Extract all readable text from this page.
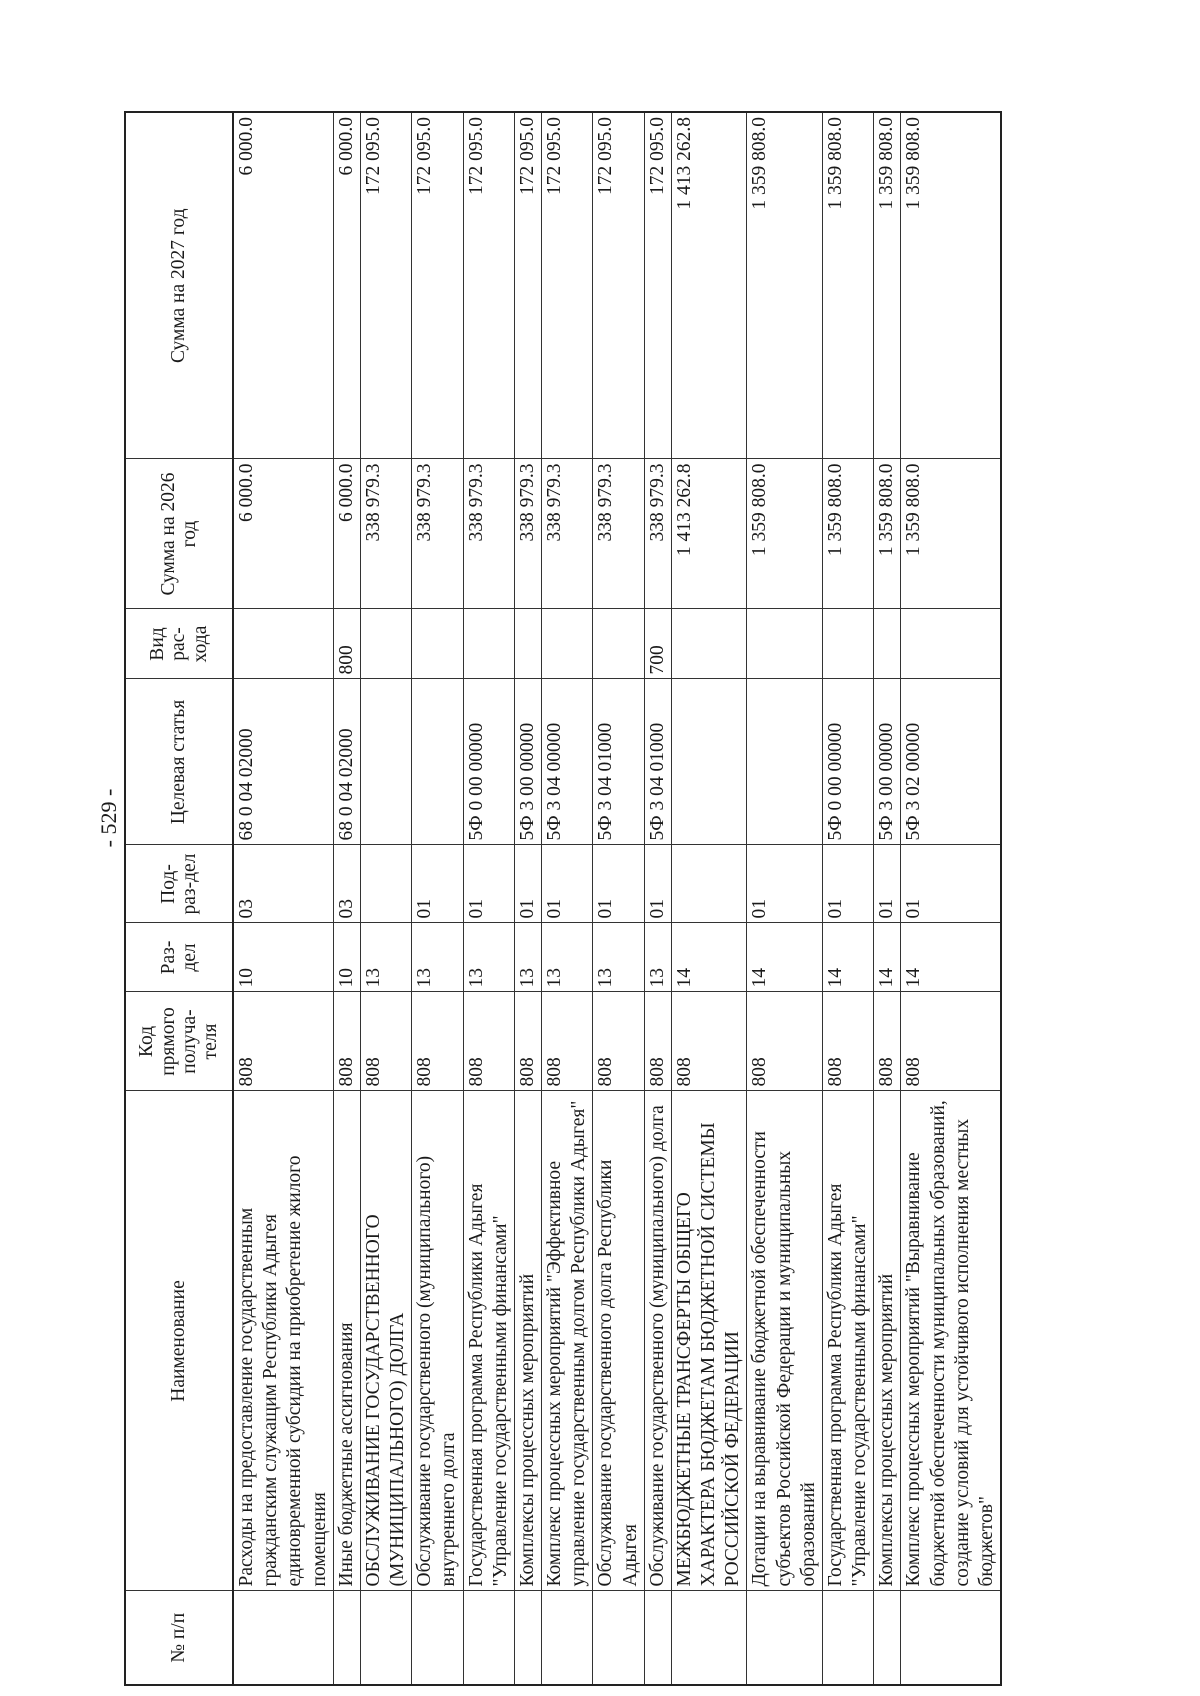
- 529 -
№ п/п	Наименование	Код прямого получа-теля	Раз-дел	Под-раз-дел	Целевая статья	Вид рас-хода	Сумма на 2026 год	Сумма на 2027 год
	Расходы на предоставление государственным гражданским служащим Республики Адыгея единовременной субсидии на приобретение жилого помещения	808	10	03	68 0 04 02000		6 000.0	6 000.0
	Иные бюджетные ассигнования	808	10	03	68 0 04 02000	800	6 000.0	6 000.0
	ОБСЛУЖИВАНИЕ ГОСУДАРСТВЕННОГО (МУНИЦИПАЛЬНОГО) ДОЛГА	808	13				338 979.3	172 095.0
	Обслуживание государственного (муниципального) внутреннего долга	808	13	01			338 979.3	172 095.0
	Государственная программа Республики Адыгея "Управление государственными финансами"	808	13	01	5Ф 0 00 00000		338 979.3	172 095.0
	Комплексы процессных мероприятий	808	13	01	5Ф 3 00 00000		338 979.3	172 095.0
	Комплекс процессных мероприятий "Эффективное управление государственным долгом Республики Адыгея"	808	13	01	5Ф 3 04 00000		338 979.3	172 095.0
	Обслуживание государственного долга Республики Адыгея	808	13	01	5Ф 3 04 01000		338 979.3	172 095.0
	Обслуживание государственного (муниципального) долга	808	13	01	5Ф 3 04 01000	700	338 979.3	172 095.0
	МЕЖБЮДЖЕТНЫЕ ТРАНСФЕРТЫ ОБЩЕГО ХАРАКТЕРА БЮДЖЕТАМ БЮДЖЕТНОЙ СИСТЕМЫ РОССИЙСКОЙ ФЕДЕРАЦИИ	808	14				1 413 262.8	1 413 262.8
	Дотации на выравнивание бюджетной обеспеченности субъектов Российской Федерации и муниципальных образований	808	14	01			1 359 808.0	1 359 808.0
	Государственная программа Республики Адыгея "Управление государственными финансами"	808	14	01	5Ф 0 00 00000		1 359 808.0	1 359 808.0
	Комплексы процессных мероприятий	808	14	01	5Ф 3 00 00000		1 359 808.0	1 359 808.0
	Комплекс процессных мероприятий "Выравнивание бюджетной обеспеченности муниципальных образований, создание условий для устойчивого исполнения местных бюджетов"	808	14	01	5Ф 3 02 00000		1 359 808.0	1 359 808.0
